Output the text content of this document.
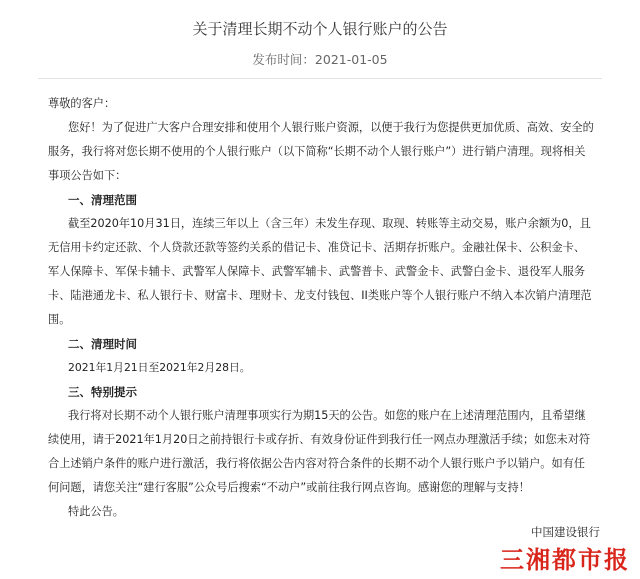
关于清理长期不动个人银行账户的公告
发布时间：2021-01-05

尊敬的客户：

您好！为了促进广大客户合理安排和使用个人银行账户资源，以便于我行为您提供更加优质、高效、安全的服务，我行将对您长期不使用的个人银行账户（以下简称“长期不动个人银行账户”）进行销户清理。现将相关事项公告如下：

一、清理范围

截至2020年10月31日，连续三年以上（含三年）未发生存现、取现、转账等主动交易，账户余额为0，且无信用卡约定还款、个人贷款还款等签约关系的借记卡、准贷记卡、活期存折账户。金融社保卡、公积金卡、军人保障卡、军保卡辅卡、武警军人保障卡、武警军辅卡、武警普卡、武警金卡、武警白金卡、退役军人服务卡、陆港通龙卡、私人银行卡、财富卡、理财卡、龙支付钱包、II类账户等个人银行账户不纳入本次销户清理范围。

二、清理时间

2021年1月21日至2021年2月28日。

三、特别提示

我行将对长期不动个人银行账户清理事项实行为期15天的公告。如您的账户在上述清理范围内，且希望继续使用，请于2021年1月20日之前持银行卡或存折、有效身份证件到我行任一网点办理激活手续；如您未对符合上述销户条件的账户进行激活，我行将依据公告内容对符合条件的长期不动个人银行账户予以销户。如有任何问题，请您关注“建行客服”公众号后搜索“不动户”或前往我行网点咨询。感谢您的理解与支持！

特此公告。

中国建设银行
三湘都市报
